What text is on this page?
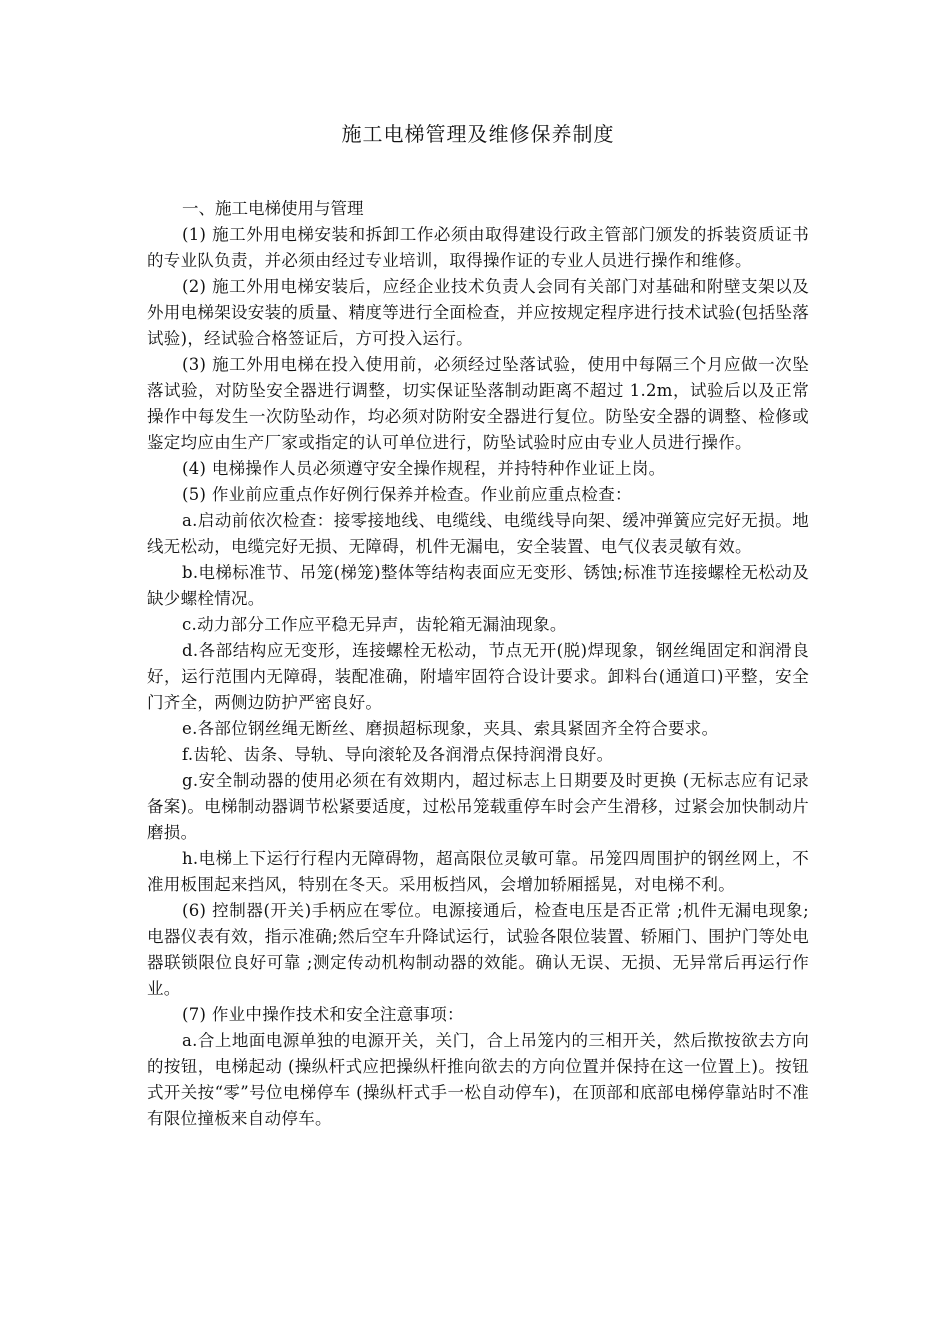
施工电梯管理及维修保养制度
一、施工电梯使用与管理

(1) 施工外用电梯安装和拆卸工作必须由取得建设行政主管部门颁发的拆装资质证书的专业队负责，并必须由经过专业培训，取得操作证的专业人员进行操作和维修。

(2) 施工外用电梯安装后，应经企业技术负责人会同有关部门对基础和附壁支架以及外用电梯架设安装的质量、精度等进行全面检查，并应按规定程序进行技术试验(包括坠落试验)，经试验合格签证后，方可投入运行。

(3) 施工外用电梯在投入使用前，必须经过坠落试验，使用中每隔三个月应做一次坠落试验，对防坠安全器进行调整，切实保证坠落制动距离不超过 1.2m，试验后以及正常操作中每发生一次防坠动作，均必须对防附安全器进行复位。防坠安全器的调整、检修或鉴定均应由生产厂家或指定的认可单位进行，防坠试验时应由专业人员进行操作。

(4) 电梯操作人员必须遵守安全操作规程，并持特种作业证上岗。

(5) 作业前应重点作好例行保养并检查。作业前应重点检查：

a.启动前依次检查：接零接地线、电缆线、电缆线导向架、缓冲弹簧应完好无损。地线无松动，电缆完好无损、无障碍，机件无漏电，安全装置、电气仪表灵敏有效。

b.电梯标准节、吊笼(梯笼)整体等结构表面应无变形、锈蚀;标准节连接螺栓无松动及缺少螺栓情况。

c.动力部分工作应平稳无异声，齿轮箱无漏油现象。

d.各部结构应无变形，连接螺栓无松动，节点无开(脱)焊现象，钢丝绳固定和润滑良好，运行范围内无障碍，装配准确，附墙牢固符合设计要求。卸料台(通道口)平整，安全门齐全，两侧边防护严密良好。

e.各部位钢丝绳无断丝、磨损超标现象，夹具、索具紧固齐全符合要求。

f.齿轮、齿条、导轨、导向滚轮及各润滑点保持润滑良好。

g.安全制动器的使用必须在有效期内，超过标志上日期要及时更换 (无标志应有记录备案)。电梯制动器调节松紧要适度，过松吊笼载重停车时会产生滑移，过紧会加快制动片磨损。

h.电梯上下运行行程内无障碍物，超高限位灵敏可靠。吊笼四周围护的钢丝网上，不准用板围起来挡风，特别在冬天。采用板挡风，会增加轿厢摇晃，对电梯不利。

(6) 控制器(开关)手柄应在零位。电源接通后，检查电压是否正常 ;机件无漏电现象;电器仪表有效，指示准确;然后空车升降试运行，试验各限位装置、轿厢门、围护门等处电器联锁限位良好可靠 ;测定传动机构制动器的效能。确认无误、无损、无异常后再运行作业。

(7) 作业中操作技术和安全注意事项：

a.合上地面电源单独的电源开关，关门，合上吊笼内的三相开关，然后揿按欲去方向的按钮，电梯起动 (操纵杆式应把操纵杆推向欲去的方向位置并保持在这一位置上)。按钮式开关按“零”号位电梯停车 (操纵杆式手一松自动停车)，在顶部和底部电梯停靠站时不准有限位撞板来自动停车。
